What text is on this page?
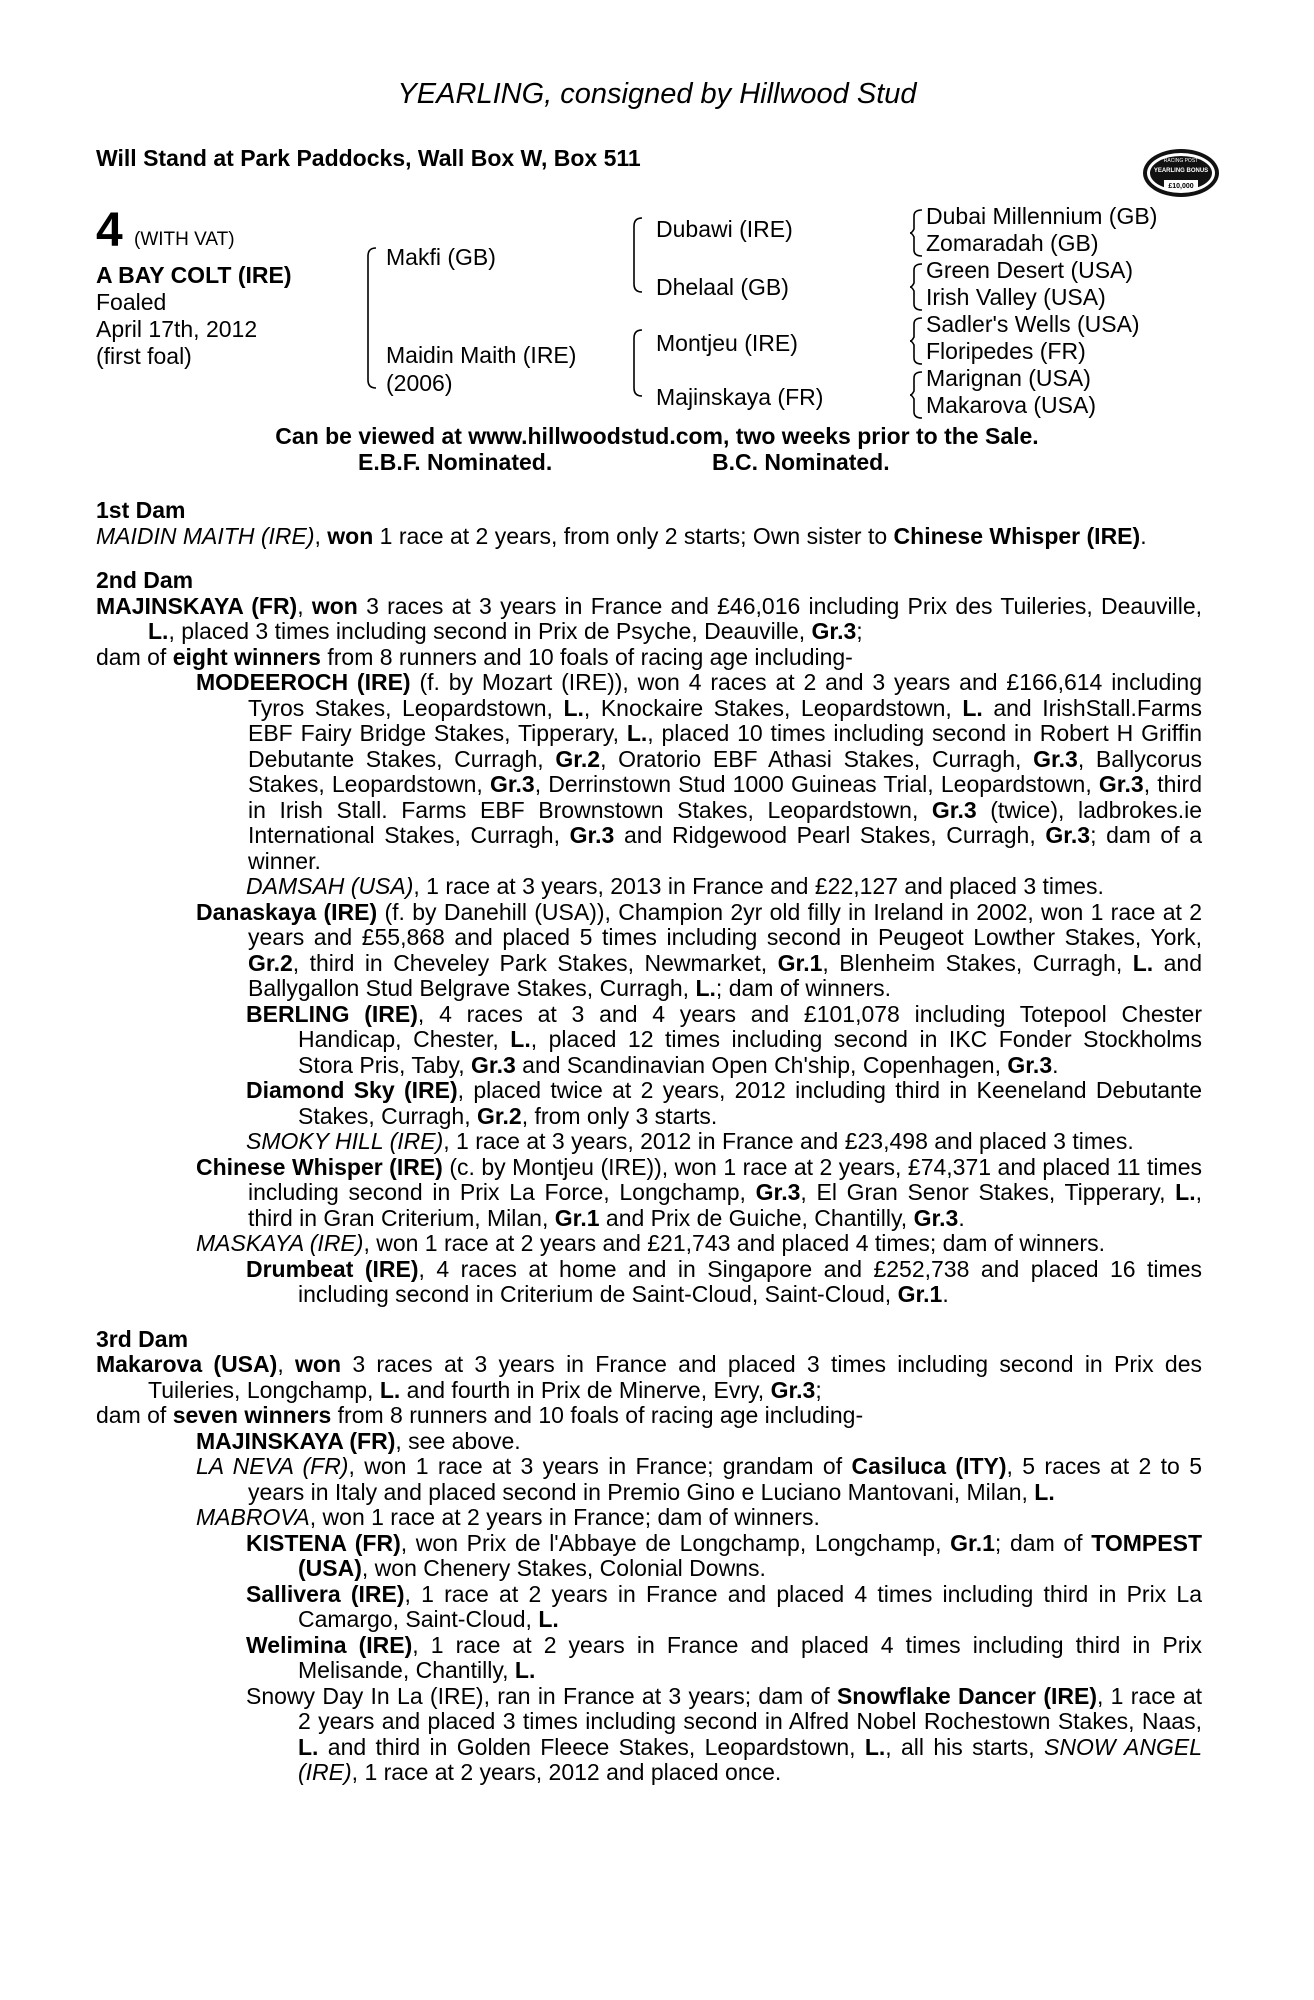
YEARLING, consigned by Hillwood Stud
Will Stand at Park Paddocks, Wall Box W, Box 511	RACING POST
YEARLING BONUS
£10,000
4 (WITH VAT)
A BAY COLT (IRE)
Foaled
April 17th, 2012
(first foal)
Makfi (GB)
Maidin Maith (IRE)
(2006)
Dubawi (IRE)
Dhelaal (GB)
Montjeu (IRE)
Majinskaya (FR)
Dubai Millennium (GB)
Zomaradah (GB)
Green Desert (USA)
Irish Valley (USA)
Sadler's Wells (USA)
Floripedes (FR)
Marignan (USA)
Makarova (USA)
Can be viewed at www.hillwoodstud.com, two weeks prior to the Sale.
E.B.F. Nominated.	B.C. Nominated.
1st Dam

MAIDIN MAITH (IRE), won 1 race at 2 years, from only 2 starts; Own sister to Chinese Whisper (IRE).

2nd Dam

MAJINSKAYA (FR), won 3 races at 3 years in France and £46,016 including Prix des Tuileries, Deauville, L., placed 3 times including second in Prix de Psyche, Deauville, Gr.3;

dam of eight winners from 8 runners and 10 foals of racing age including-

MODEEROCH (IRE) (f. by Mozart (IRE)), won 4 races at 2 and 3 years and £166,614 including Tyros Stakes, Leopardstown, L., Knockaire Stakes, Leopardstown, L. and IrishStall.Farms EBF Fairy Bridge Stakes, Tipperary, L., placed 10 times including second in Robert H Griffin Debutante Stakes, Curragh, Gr.2, Oratorio EBF Athasi Stakes, Curragh, Gr.3, Ballycorus Stakes, Leopardstown, Gr.3, Derrinstown Stud 1000 Guineas Trial, Leopardstown, Gr.3, third in Irish Stall. Farms EBF Brownstown Stakes, Leopardstown, Gr.3 (twice), ladbrokes.ie International Stakes, Curragh, Gr.3 and Ridgewood Pearl Stakes, Curragh, Gr.3; dam of a winner.

DAMSAH (USA), 1 race at 3 years, 2013 in France and £22,127 and placed 3 times.

Danaskaya (IRE) (f. by Danehill (USA)), Champion 2yr old filly in Ireland in 2002, won 1 race at 2 years and £55,868 and placed 5 times including second in Peugeot Lowther Stakes, York, Gr.2, third in Cheveley Park Stakes, Newmarket, Gr.1, Blenheim Stakes, Curragh, L. and Ballygallon Stud Belgrave Stakes, Curragh, L.; dam of winners.

BERLING (IRE), 4 races at 3 and 4 years and £101,078 including Totepool Chester Handicap, Chester, L., placed 12 times including second in IKC Fonder Stockholms Stora Pris, Taby, Gr.3 and Scandinavian Open Ch'ship, Copenhagen, Gr.3.

Diamond Sky (IRE), placed twice at 2 years, 2012 including third in Keeneland Debutante Stakes, Curragh, Gr.2, from only 3 starts.

SMOKY HILL (IRE), 1 race at 3 years, 2012 in France and £23,498 and placed 3 times.

Chinese Whisper (IRE) (c. by Montjeu (IRE)), won 1 race at 2 years, £74,371 and placed 11 times including second in Prix La Force, Longchamp, Gr.3, El Gran Senor Stakes, Tipperary, L., third in Gran Criterium, Milan, Gr.1 and Prix de Guiche, Chantilly, Gr.3.

MASKAYA (IRE), won 1 race at 2 years and £21,743 and placed 4 times; dam of winners.

Drumbeat (IRE), 4 races at home and in Singapore and £252,738 and placed 16 times including second in Criterium de Saint-Cloud, Saint-Cloud, Gr.1.

3rd Dam

Makarova (USA), won 3 races at 3 years in France and placed 3 times including second in Prix des Tuileries, Longchamp, L. and fourth in Prix de Minerve, Evry, Gr.3;

dam of seven winners from 8 runners and 10 foals of racing age including-

MAJINSKAYA (FR), see above.

LA NEVA (FR), won 1 race at 3 years in France; grandam of Casiluca (ITY), 5 races at 2 to 5 years in Italy and placed second in Premio Gino e Luciano Mantovani, Milan, L.

MABROVA, won 1 race at 2 years in France; dam of winners.

KISTENA (FR), won Prix de l'Abbaye de Longchamp, Longchamp, Gr.1; dam of TOMPEST (USA), won Chenery Stakes, Colonial Downs.

Sallivera (IRE), 1 race at 2 years in France and placed 4 times including third in Prix La Camargo, Saint-Cloud, L.

Welimina (IRE), 1 race at 2 years in France and placed 4 times including third in Prix Melisande, Chantilly, L.

Snowy Day In La (IRE), ran in France at 3 years; dam of Snowflake Dancer (IRE), 1 race at 2 years and placed 3 times including second in Alfred Nobel Rochestown Stakes, Naas, L. and third in Golden Fleece Stakes, Leopardstown, L., all his starts, SNOW ANGEL (IRE), 1 race at 2 years, 2012 and placed once.
